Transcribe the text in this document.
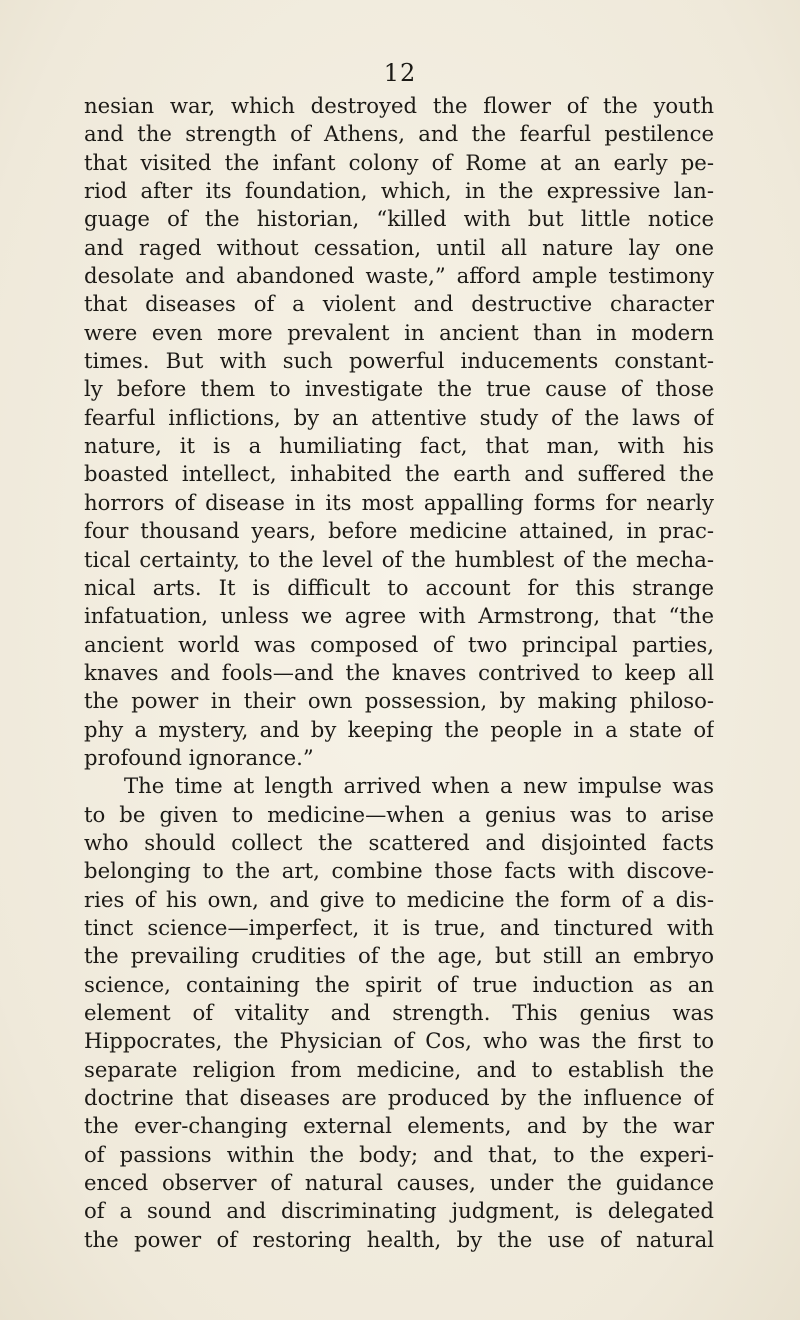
12
nesian war, which destroyed the flower of the youth
and the strength of Athens, and the fearful pestilence
that visited the infant colony of Rome at an early pe-
riod after its foundation, which, in the expressive lan-
guage of the historian, “killed with but little notice
and raged without cessation, until all nature lay one
desolate and abandoned waste,” afford ample testimony
that diseases of a violent and destructive character
were even more prevalent in ancient than in modern
times. But with such powerful inducements constant-
ly before them to investigate the true cause of those
fearful inflictions, by an attentive study of the laws of
nature, it is a humiliating fact, that man, with his
boasted intellect, inhabited the earth and suffered the
horrors of disease in its most appalling forms for nearly
four thousand years, before medicine attained, in prac-
tical certainty, to the level of the humblest of the mecha-
nical arts. It is difficult to account for this strange
infatuation, unless we agree with Armstrong, that “the
ancient world was composed of two principal parties,
knaves and fools—and the knaves contrived to keep all
the power in their own possession, by making philoso-
phy a mystery, and by keeping the people in a state of
profound ignorance.”
The time at length arrived when a new impulse was
to be given to medicine—when a genius was to arise
who should collect the scattered and disjointed facts
belonging to the art, combine those facts with discove-
ries of his own, and give to medicine the form of a dis-
tinct science—imperfect, it is true, and tinctured with
the prevailing crudities of the age, but still an embryo
science, containing the spirit of true induction as an
element of vitality and strength. This genius was
Hippocrates, the Physician of Cos, who was the first to
separate religion from medicine, and to establish the
doctrine that diseases are produced by the influence of
the ever-changing external elements, and by the war
of passions within the body; and that, to the experi-
enced observer of natural causes, under the guidance
of a sound and discriminating judgment, is delegated
the power of restoring health, by the use of natural
